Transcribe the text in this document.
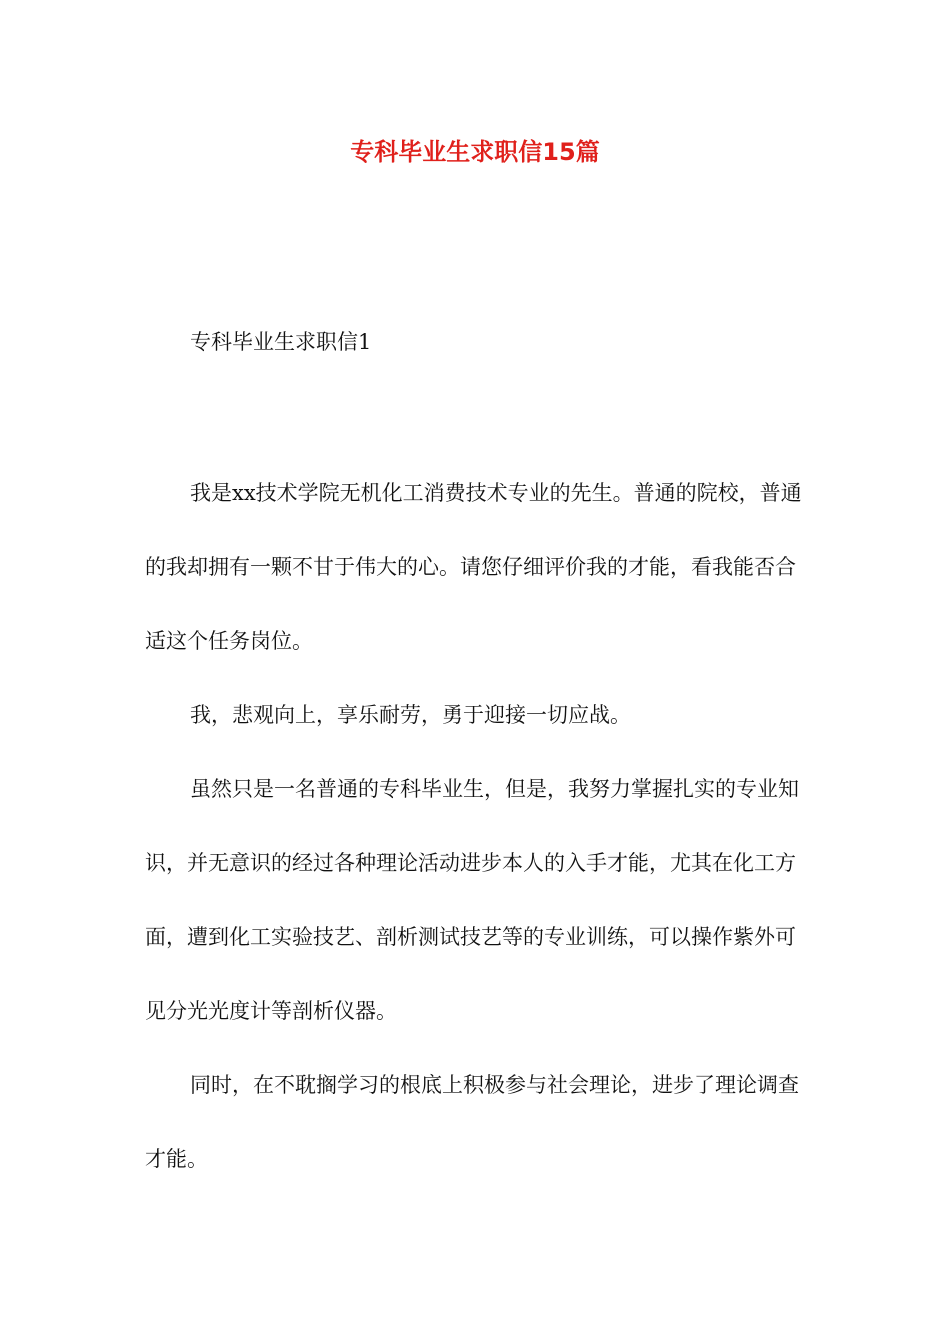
专科毕业生求职信15篇

专科毕业生求职信1

我是xx技术学院无机化工消费技术专业的先生。普通的院校，普通的我却拥有一颗不甘于伟大的心。请您仔细评价我的才能，看我能否合适这个任务岗位。

我，悲观向上，享乐耐劳，勇于迎接一切应战。

虽然只是一名普通的专科毕业生，但是，我努力掌握扎实的专业知识，并无意识的经过各种理论活动进步本人的入手才能，尤其在化工方面，遭到化工实验技艺、剖析测试技艺等的专业训练，可以操作紫外可见分光光度计等剖析仪器。

同时，在不耽搁学习的根底上积极参与社会理论，进步了理论调查才能。
